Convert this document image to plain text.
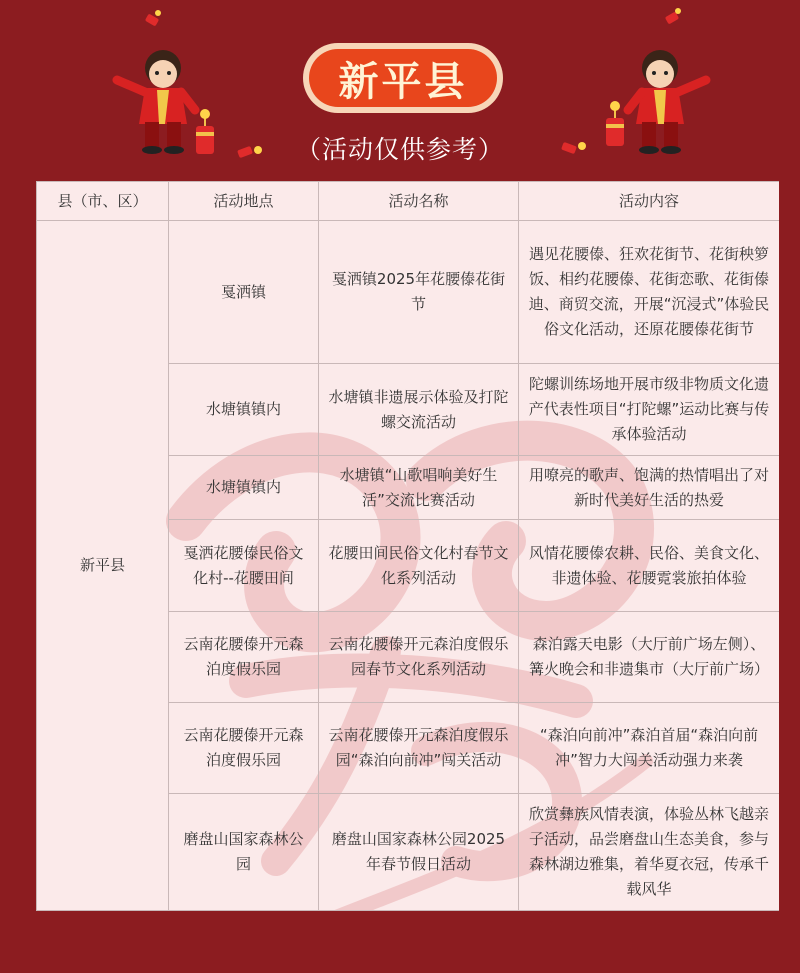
新平县
（活动仅供参考）
县（市、区）	活动地点	活动名称	活动内容
新平县	戛洒镇	戛洒镇2025年花腰傣花街节	遇见花腰傣、狂欢花街节、花街秧箩饭、相约花腰傣、花街恋歌、花街傣迪、商贸交流，开展“沉浸式”体验民俗文化活动，还原花腰傣花街节
	水塘镇镇内	水塘镇非遗展示体验及打陀螺交流活动	陀螺训练场地开展市级非物质文化遗产代表性项目“打陀螺”运动比赛与传承体验活动
	水塘镇镇内	水塘镇“山歌唱响美好生活”交流比赛活动	用嘹亮的歌声、饱满的热情唱出了对新时代美好生活的热爱
	戛洒花腰傣民俗文化村--花腰田间	花腰田间民俗文化村春节文化系列活动	风情花腰傣农耕、民俗、美食文化、非遗体验、花腰霓裳旅拍体验
	云南花腰傣开元森泊度假乐园	云南花腰傣开元森泊度假乐园春节文化系列活动	森泊露天电影（大厅前广场左侧）、篝火晚会和非遗集市（大厅前广场）
	云南花腰傣开元森泊度假乐园	云南花腰傣开元森泊度假乐园“森泊向前冲”闯关活动	“森泊向前冲”森泊首届“森泊向前冲”智力大闯关活动强力来袭
	磨盘山国家森林公园	磨盘山国家森林公园2025年春节假日活动	欣赏彝族风情表演，体验丛林飞越亲子活动，品尝磨盘山生态美食，参与森林湖边雅集，着华夏衣冠，传承千载风华
